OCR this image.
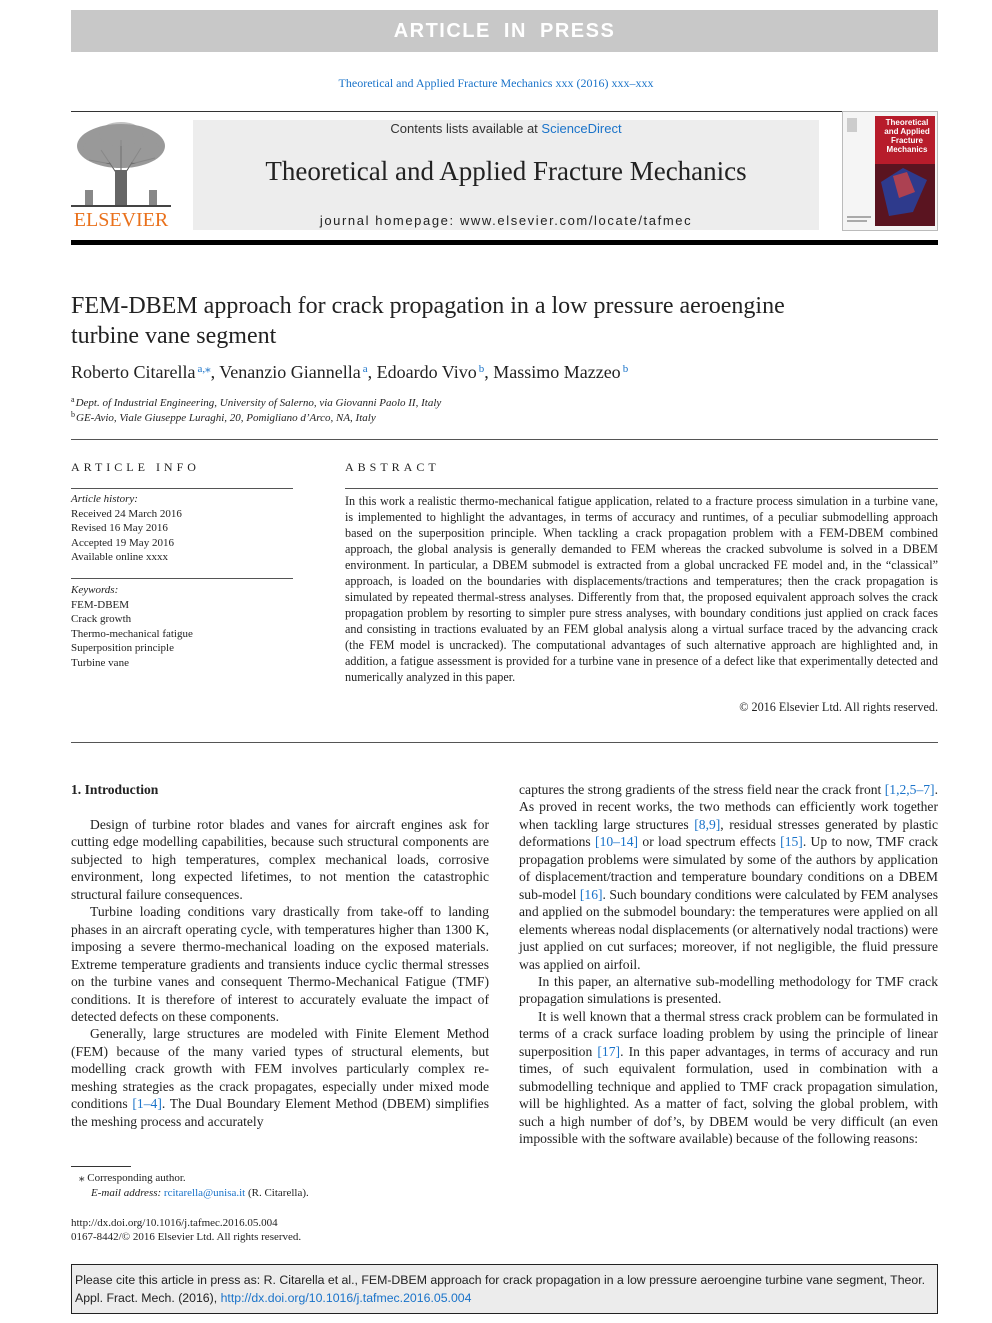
ARTICLE IN PRESS
Theoretical and Applied Fracture Mechanics xxx (2016) xxx–xxx
ELSEVIER
Contents lists available at ScienceDirect
Theoretical and Applied Fracture Mechanics
journal homepage: www.elsevier.com/locate/tafmec
Theoretical and Applied Fracture Mechanics
FEM-DBEM approach for crack propagation in a low pressure aeroengine
turbine vane segment
Roberto Citarella $^{a,⁎}$, Venanzio Giannella $^a$, Edoardo Vivo $^b$, Massimo Mazzeo $^b$
$^a$Dept. of Industrial Engineering, University of Salerno, via Giovanni Paolo II, Italy
$^b$GE-Avio, Viale Giuseppe Luraghi, 20, Pomigliano d’Arco, NA, Italy
ARTICLE INFO
Article history:
Received 24 March 2016
Revised 16 May 2016
Accepted 19 May 2016
Available online xxxx
Keywords:
FEM-DBEM
Crack growth
Thermo-mechanical fatigue
Superposition principle
Turbine vane
ABSTRACT
In this work a realistic thermo-mechanical fatigue application, related to a fracture process simulation in a turbine vane, is implemented to highlight the advantages, in terms of accuracy and runtimes, of a peculiar submodelling approach based on the superposition principle. When tackling a crack propagation problem with a FEM-DBEM combined approach, the global analysis is generally demanded to FEM whereas the cracked subvolume is solved in a DBEM environment. In particular, a DBEM submodel is extracted from a global uncracked FE model and, in the “classical” approach, is loaded on the boundaries with displacements/tractions and temperatures; then the crack propagation is simulated by repeated thermal-stress analyses. Differently from that, the proposed equivalent approach solves the crack propagation problem by resorting to simpler pure stress analyses, with boundary conditions just applied on crack faces and consisting in tractions evaluated by an FEM global analysis along a virtual surface traced by the advancing crack (the FEM model is uncracked). The computational advantages of such alternative approach are highlighted and, in addition, a fatigue assessment is provided for a turbine vane in presence of a defect like that experimentally detected and numerically analyzed in this paper.
© 2016 Elsevier Ltd. All rights reserved.
1. Introduction

Design of turbine rotor blades and vanes for aircraft engines ask for cutting edge modelling capabilities, because such structural components are subjected to high temperatures, complex mechanical loads, corrosive environment, long expected lifetimes, to not mention the catastrophic structural failure consequences.

Turbine loading conditions vary drastically from take-off to landing phases in an aircraft operating cycle, with temperatures higher than 1300 K, imposing a severe thermo-mechanical loading on the exposed materials. Extreme temperature gradients and transients induce cyclic thermal stresses on the turbine vanes and consequent Thermo-Mechanical Fatigue (TMF) conditions. It is therefore of interest to accurately evaluate the impact of detected defects on these components.

Generally, large structures are modeled with Finite Element Method (FEM) because of the many varied types of structural elements, but modelling crack growth with FEM involves particularly complex re-meshing strategies as the crack propagates, especially under mixed mode conditions [1–4]. The Dual Boundary Element Method (DBEM) simplifies the meshing process and accurately

captures the strong gradients of the stress field near the crack front [1,2,5–7]. As proved in recent works, the two methods can efficiently work together when tackling large structures [8,9], residual stresses generated by plastic deformations [10–14] or load spectrum effects [15]. Up to now, TMF crack propagation problems were simulated by some of the authors by application of displacement/traction and temperature boundary conditions on a DBEM sub-model [16]. Such boundary conditions were calculated by FEM analyses and applied on the submodel boundary: the temperatures were applied on all elements whereas nodal displacements (or alternatively nodal tractions) were just applied on cut surfaces; moreover, if not negligible, the fluid pressure was applied on airfoil.

In this paper, an alternative sub-modelling methodology for TMF crack propagation simulations is presented.

It is well known that a thermal stress crack problem can be formulated in terms of a crack surface loading problem by using the principle of linear superposition [17]. In this paper advantages, in terms of accuracy and run times, of such equivalent formulation, used in combination with a submodelling technique and applied to TMF crack propagation simulation, will be highlighted. As a matter of fact, solving the global problem, with such a high number of dof’s, by DBEM would be very difficult (an even impossible with the software available) because of the following reasons:

⁎ Corresponding author.
E-mail address: rcitarella@unisa.it (R. Citarella).
http://dx.doi.org/10.1016/j.tafmec.2016.05.004
0167-8442/© 2016 Elsevier Ltd. All rights reserved.
Please cite this article in press as: R. Citarella et al., FEM-DBEM approach for crack propagation in a low pressure aeroengine turbine vane segment, Theor. Appl. Fract. Mech. (2016), http://dx.doi.org/10.1016/j.tafmec.2016.05.004
